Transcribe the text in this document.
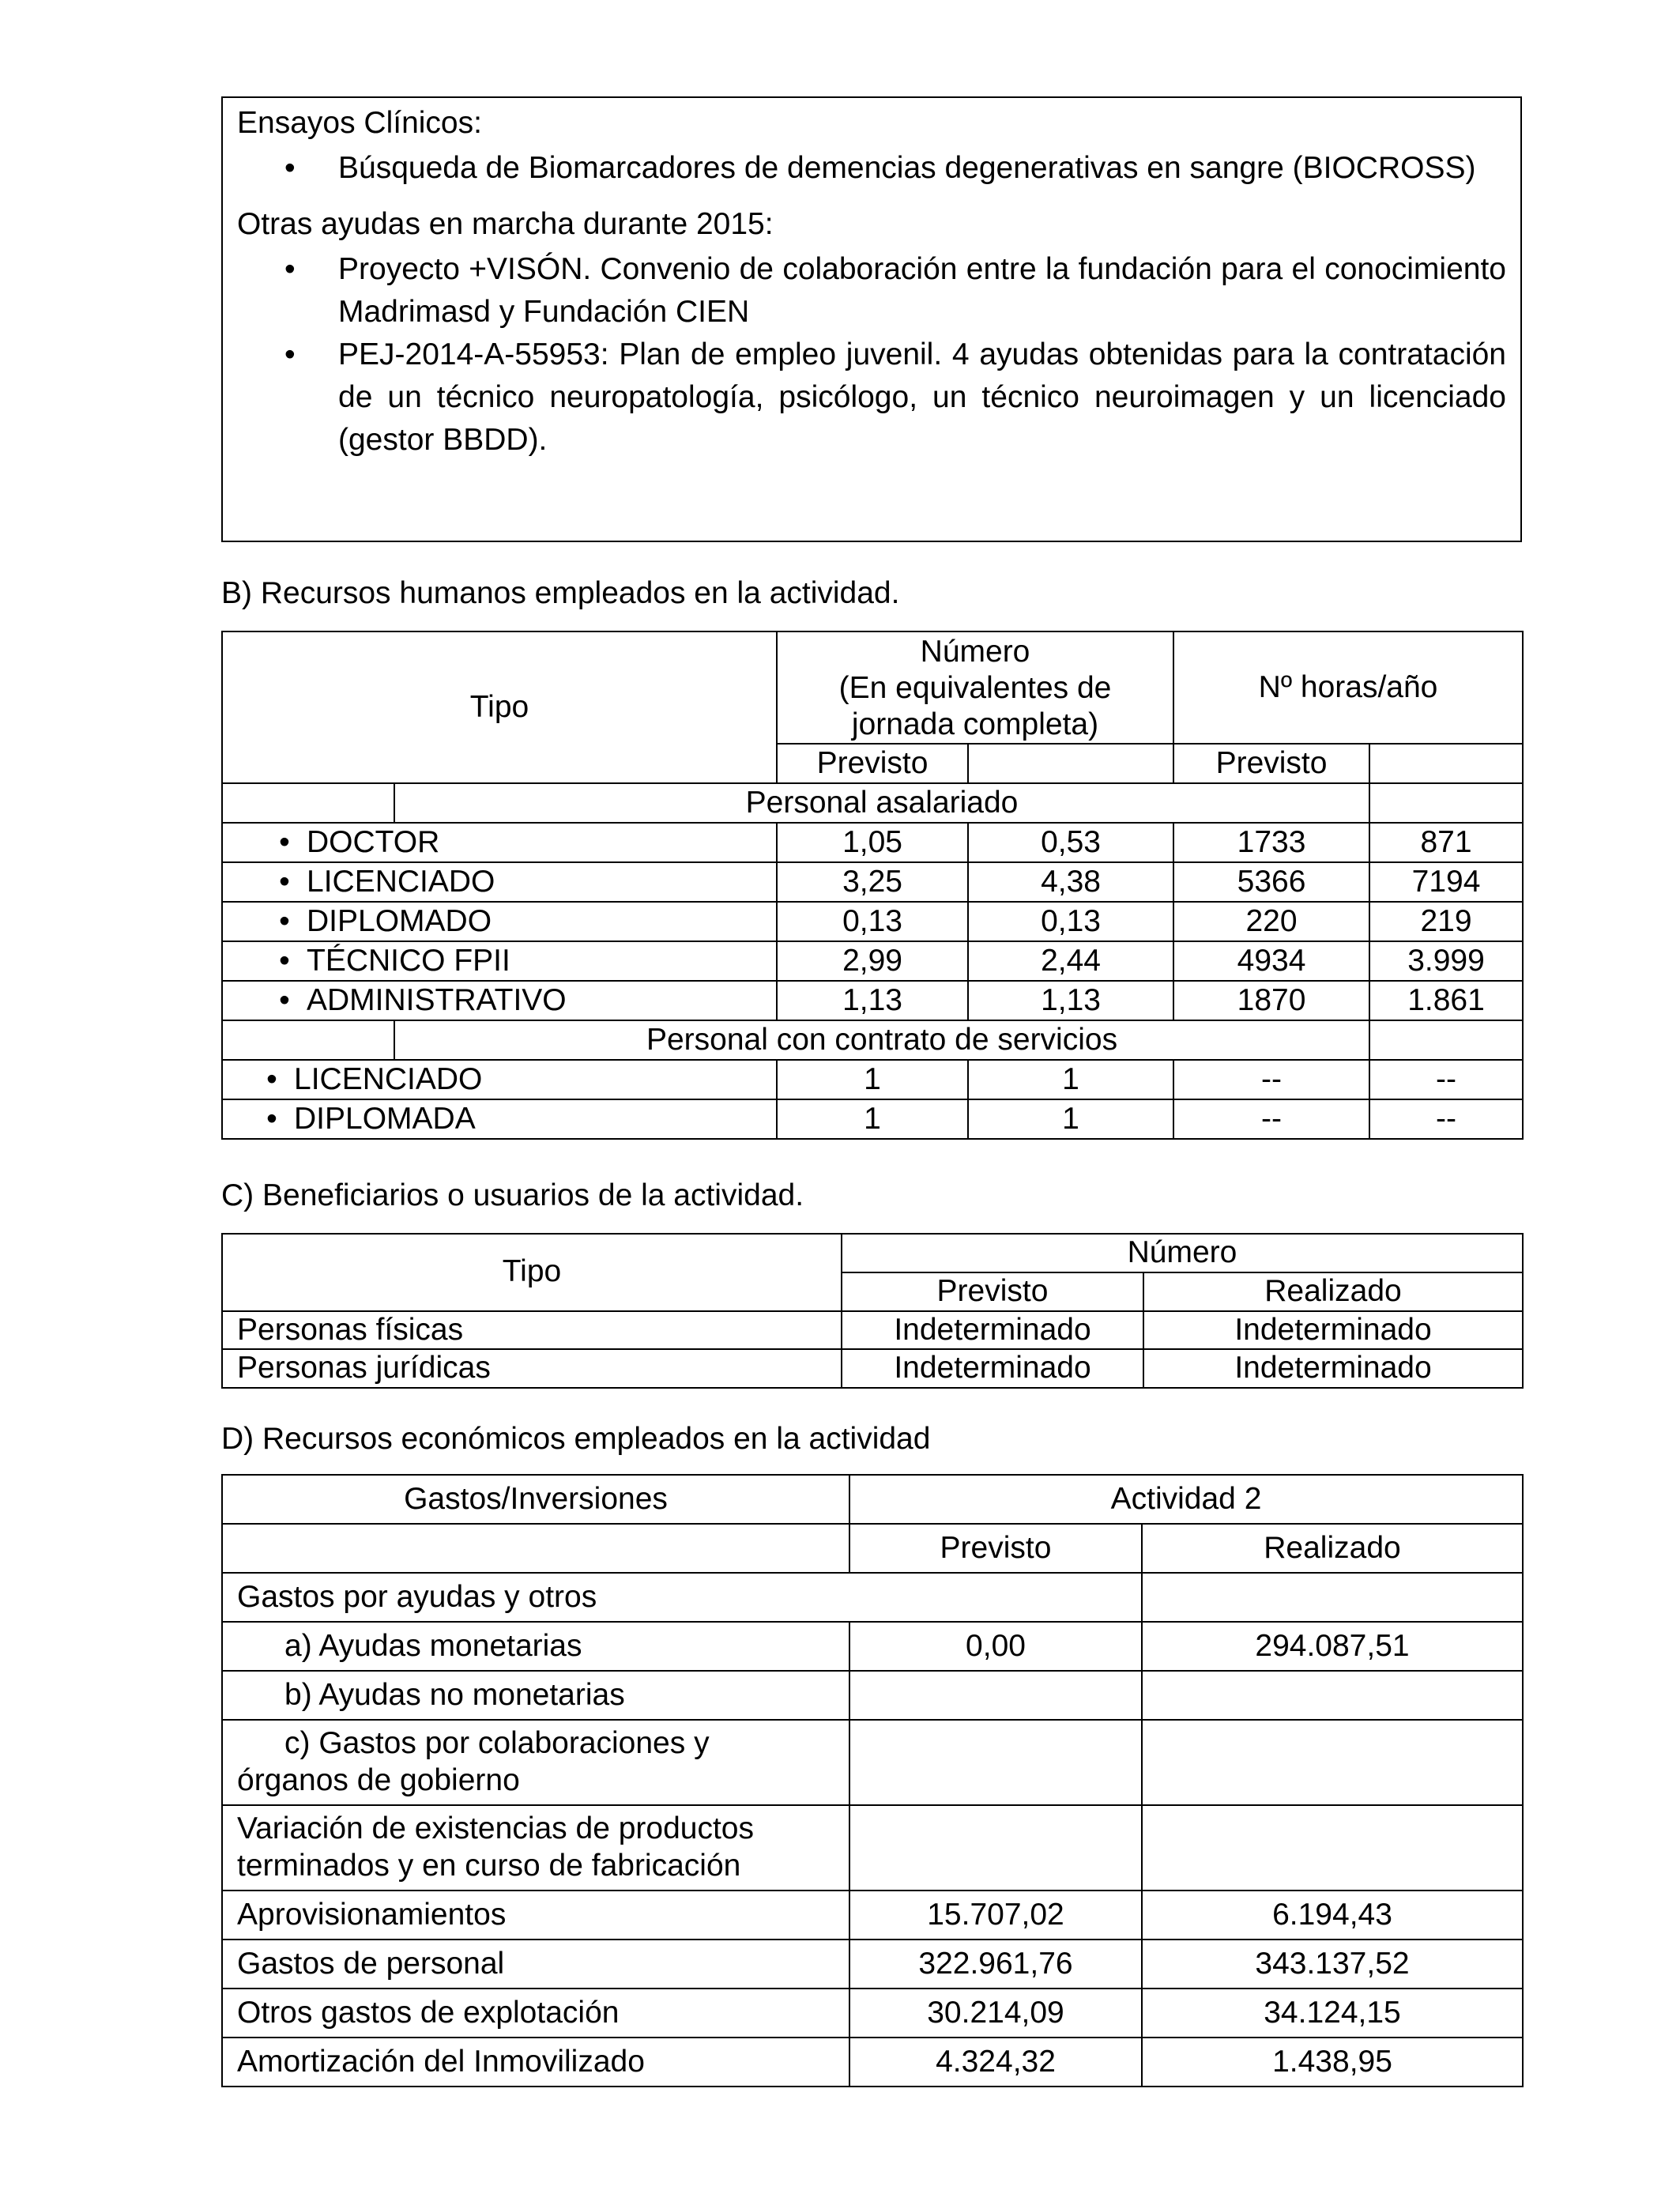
Ensayos Clínicos:

• Búsqueda de Biomarcadores de demencias degenerativas en sangre (BIOCROSS)

Otras ayudas en marcha durante 2015:

• Proyecto +VISÓN. Convenio de colaboración entre la fundación para el conocimiento Madrimasd y Fundación CIEN
• PEJ-2014-A-55953: Plan de empleo juvenil. 4 ayudas obtenidas para la contratación de un técnico neuropatología, psicólogo, un técnico neuroimagen y un licenciado (gestor BBDD).

B) Recursos humanos empleados en la actividad.

Tipo		Número
(En equivalentes de
jornada completa)		Nº horas/año	
		Previsto		Previsto	
	Personal asalariado				
• DOCTOR		1,05	0,53	1733	871
• LICENCIADO		3,25	4,38	5366	7194
• DIPLOMADO		0,13	0,13	220	219
• TÉCNICO FPII		2,99	2,44	4934	3.999
• ADMINISTRATIVO		1,13	1,13	1870	1.861
	Personal con contrato de servicios				
• LICENCIADO		1	1	--	--
• DIPLOMADA		1	1	--	--

C) Beneficiarios o usuarios de la actividad.

Tipo	Número	
	Previsto	Realizado
Personas físicas	Indeterminado	Indeterminado
Personas jurídicas	Indeterminado	Indeterminado

D) Recursos económicos empleados en la actividad

Gastos/Inversiones	Actividad 2	
	Previsto	Realizado
Gastos por ayudas y otros		
a) Ayudas monetarias	0,00	294.087,51
b) Ayudas no monetarias		

c) Gastos por colaboraciones y
órganos de gobierno		

Variación de existencias de productos
terminados y en curso de fabricación		

Aprovisionamientos	15.707,02	6.194,43
Gastos de personal	322.961,76	343.137,52
Otros gastos de explotación	30.214,09	34.124,15
Amortización del Inmovilizado	4.324,32	1.438,95
